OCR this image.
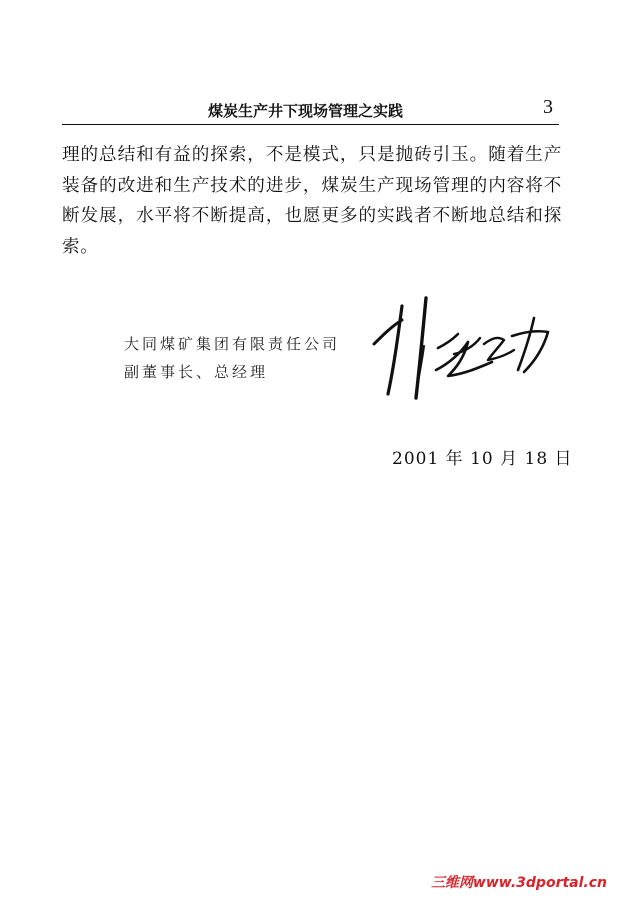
煤炭生产井下现场管理之实践	3

理的总结和有益的探索，不是模式，只是抛砖引玉。随着生产装备的改进和生产技术的进步，煤炭生产现场管理的内容将不断发展，水平将不断提高，也愿更多的实践者不断地总结和探索。

大同煤矿集团有限责任公司
副董事长、总经理
2001 年 10 月 18 日
三维网www.3dportal.cn
